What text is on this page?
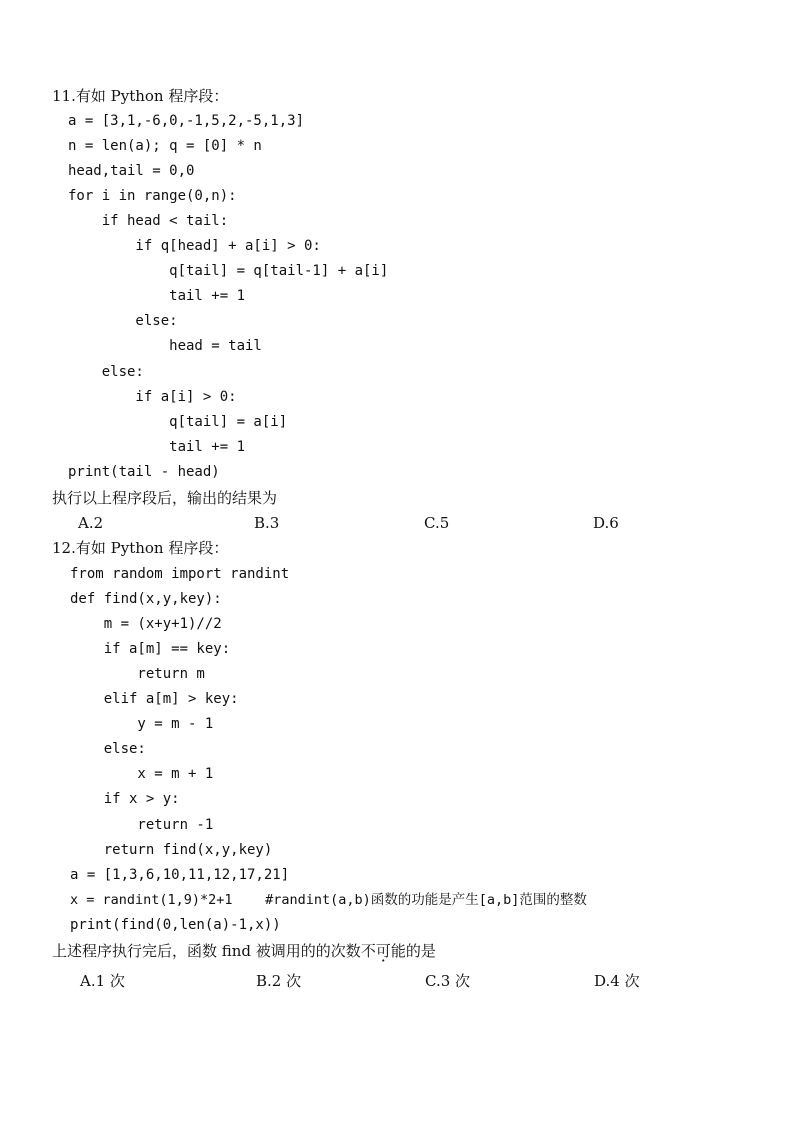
11.有如 Python 程序段：
a = [3,1,-6,0,-1,5,2,-5,1,3]
n = len(a); q = [0] * n
head,tail = 0,0
for i in range(0,n):
if head < tail:
if q[head] + a[i] > 0:
q[tail] = q[tail-1] + a[i]
tail += 1
else:
head = tail
else:
if a[i] > 0:
q[tail] = a[i]
tail += 1
print(tail - head)
执行以上程序段后，输出的结果为
A.2	B.3	C.5	D.6
12.有如 Python 程序段：
from random import randint
def find(x,y,key):
m = (x+y+1)//2
if a[m] == key:
return m
elif a[m] > key:
y = m - 1
else:
x = m + 1
if x > y:
return -1
return find(x,y,key)
a = [1,3,6,10,11,12,17,21]
x = randint(1,9)*2+1    #randint(a,b)函数的功能是产生[a,b]范围的整数
print(find(0,len(a)-1,x))
上述程序执行完后，函数 find 被调用的的次数不可能的是
A.1 次	B.2 次	C.3 次	D.4 次
